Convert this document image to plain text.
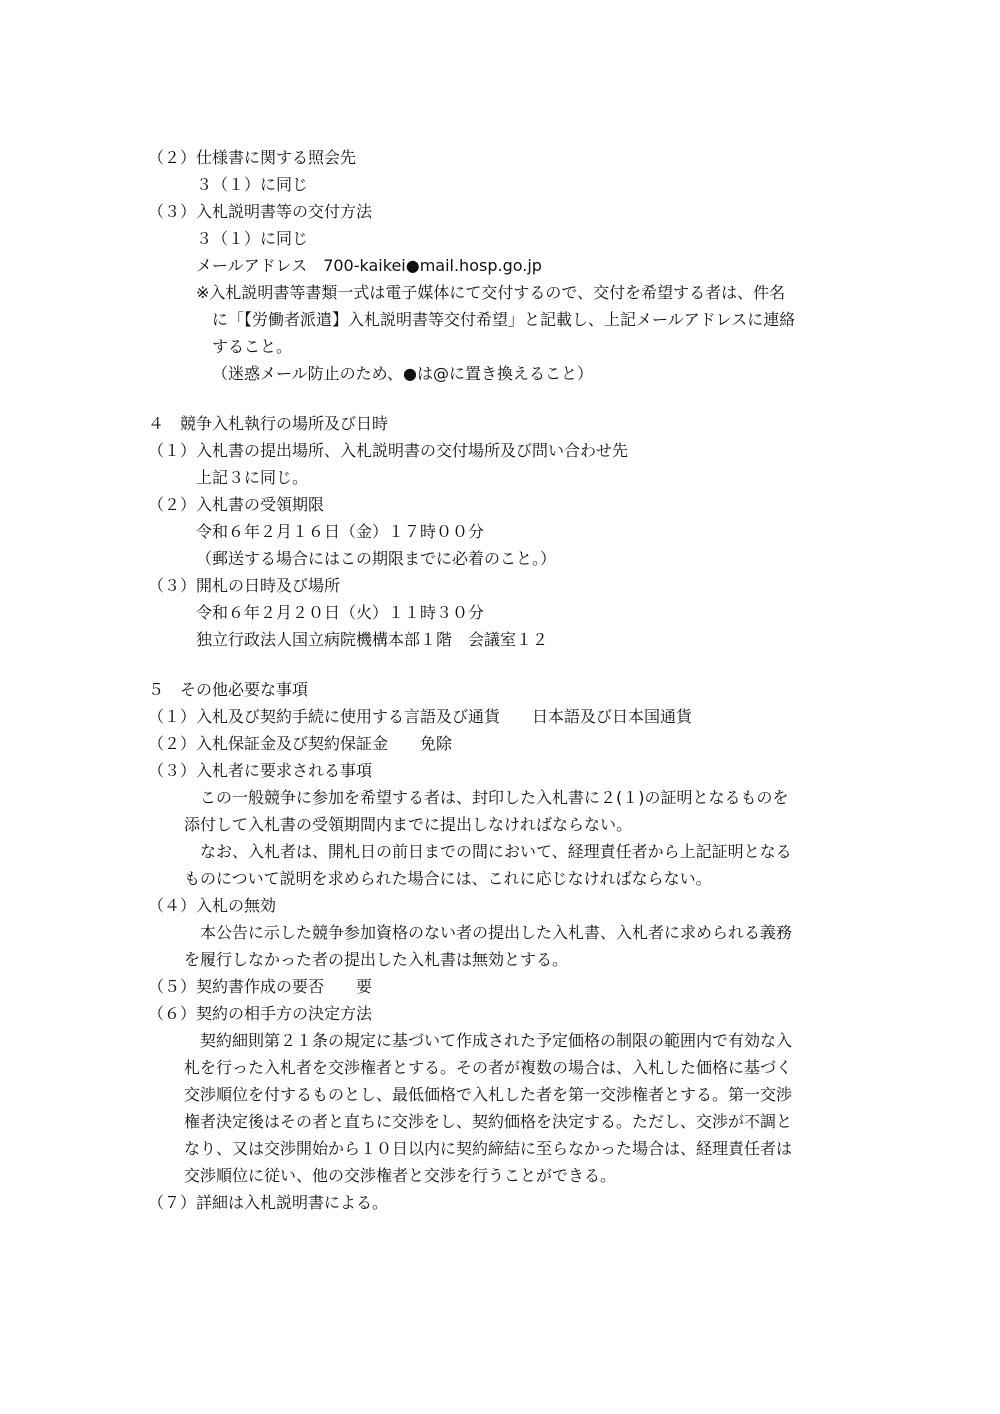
（２）仕様書に関する照会先
３（１）に同じ
（３）入札説明書等の交付方法
３（１）に同じ
メールアドレス　700-kaikei●mail.hosp.go.jp
※入札説明書等書類一式は電子媒体にて交付するので、交付を希望する者は、件名
に「【労働者派遣】入札説明書等交付希望」と記載し、上記メールアドレスに連絡
すること。
（迷惑メール防止のため、●は@に置き換えること）
４　競争入札執行の場所及び日時
（１）入札書の提出場所、入札説明書の交付場所及び問い合わせ先
上記３に同じ。
（２）入札書の受領期限
令和６年２月１６日（金）１７時００分
（郵送する場合にはこの期限までに必着のこと。）
（３）開札の日時及び場所
令和６年２月２０日（火）１１時３０分
独立行政法人国立病院機構本部１階　会議室１２
５　その他必要な事項
（１）入札及び契約手続に使用する言語及び通貨　　日本語及び日本国通貨
（２）入札保証金及び契約保証金　　免除
（３）入札者に要求される事項
この一般競争に参加を希望する者は、封印した入札書に２(１)の証明となるものを
添付して入札書の受領期間内までに提出しなければならない。
なお、入札者は、開札日の前日までの間において、経理責任者から上記証明となる
ものについて説明を求められた場合には、これに応じなければならない。
（４）入札の無効
本公告に示した競争参加資格のない者の提出した入札書、入札者に求められる義務
を履行しなかった者の提出した入札書は無効とする。
（５）契約書作成の要否　　要
（６）契約の相手方の決定方法
契約細則第２１条の規定に基づいて作成された予定価格の制限の範囲内で有効な入
札を行った入札者を交渉権者とする。その者が複数の場合は、入札した価格に基づく
交渉順位を付するものとし、最低価格で入札した者を第一交渉権者とする。第一交渉
権者決定後はその者と直ちに交渉をし、契約価格を決定する。ただし、交渉が不調と
なり、又は交渉開始から１０日以内に契約締結に至らなかった場合は、経理責任者は
交渉順位に従い、他の交渉権者と交渉を行うことができる。
（７）詳細は入札説明書による。
